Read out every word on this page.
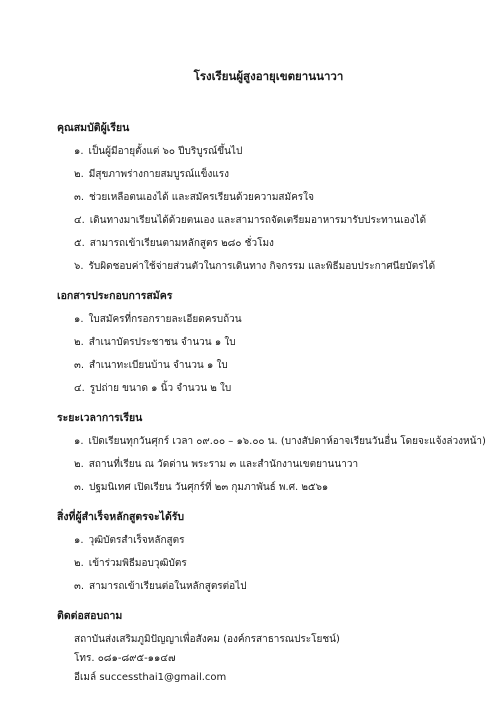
โรงเรียนผู้สูงอายุเขตยานนาวา
คุณสมบัติผู้เรียน
๑. เป็นผู้มีอายุตั้งแต่ ๖๐ ปีบริบูรณ์ขึ้นไป
๒. มีสุขภาพร่างกายสมบูรณ์แข็งแรง
๓. ช่วยเหลือตนเองได้ และสมัครเรียนด้วยความสมัครใจ
๔. เดินทางมาเรียนได้ด้วยตนเอง และสามารถจัดเตรียมอาหารมารับประทานเองได้
๕. สามารถเข้าเรียนตามหลักสูตร ๒๘๐ ชั่วโมง
๖. รับผิดชอบค่าใช้จ่ายส่วนตัวในการเดินทาง กิจกรรม และพิธีมอบประกาศนียบัตรได้
เอกสารประกอบการสมัคร
๑. ใบสมัครที่กรอกรายละเอียดครบถ้วน
๒. สำเนาบัตรประชาชน จำนวน ๑ ใบ
๓. สำเนาทะเบียนบ้าน จำนวน ๑ ใบ
๔. รูปถ่าย ขนาด ๑ นิ้ว จำนวน ๒ ใบ
ระยะเวลาการเรียน
๑. เปิดเรียนทุกวันศุกร์ เวลา ๐๙.๐๐ – ๑๖.๐๐ น. (บางสัปดาห์อาจเรียนวันอื่น โดยจะแจ้งล่วงหน้า)
๒. สถานที่เรียน ณ วัดด่าน พระราม ๓ และสำนักงานเขตยานนาวา
๓. ปฐมนิเทศ เปิดเรียน วันศุกร์ที่ ๒๓ กุมภาพันธ์ พ.ศ. ๒๕๖๑
สิ่งที่ผู้สำเร็จหลักสูตรจะได้รับ
๑. วุฒิบัตรสำเร็จหลักสูตร
๒. เข้าร่วมพิธีมอบวุฒิบัตร
๓. สามารถเข้าเรียนต่อในหลักสูตรต่อไป
ติดต่อสอบถาม
สถาบันส่งเสริมภูมิปัญญาเพื่อสังคม (องค์กรสาธารณประโยชน์)
โทร. ๐๘๑-๘๙๕-๑๑๔๗
อีเมล์ successthai1@gmail.com
